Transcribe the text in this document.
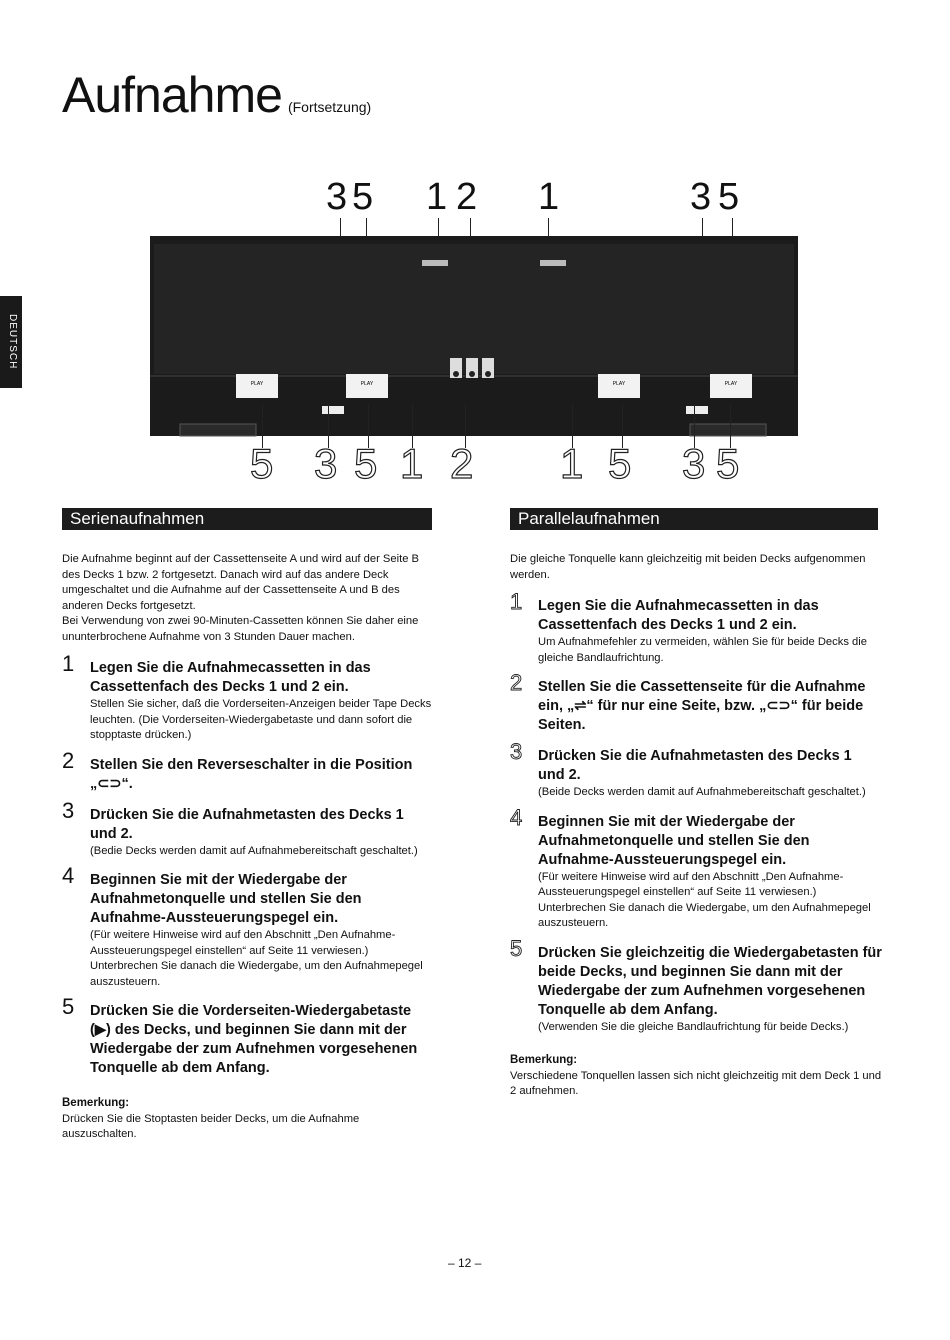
Aufnahme (Fortsetzung)
DEUTSCH
3 5 1 2 1	3 5
PLAY	PLAY	PLAY	PLAY
5 3 5 1 2 1 5 3 5
Serienaufnahmen	Parallelaufnahmen

Die Aufnahme beginnt auf der Cassettenseite A und wird auf der Seite B des Decks 1 bzw. 2 fortgesetzt. Danach wird auf das andere Deck umgeschaltet und die Aufnahme auf der Cassettenseite A und B des anderen Decks fortgesetzt.

Bei Verwendung von zwei 90-Minuten-Cassetten können Sie daher eine ununterbrochene Aufnahme von 3 Stunden Dauer machen.

1 Legen Sie die Aufnahmecassetten in das Cassettenfach des Decks 1 und 2 ein.
Stellen Sie sicher, daß die Vorderseiten-Anzeigen beider Tape Decks leuchten. (Die Vorderseiten-Wiedergabetaste und dann sofort die stopptaste drücken.)
2 Stellen Sie den Reverseschalter in die Position „⊂⊃“.
3 Drücken Sie die Aufnahmetasten des Decks 1 und 2.
(Bedie Decks werden damit auf Aufnahmebereitschaft geschaltet.)
4 Beginnen Sie mit der Wiedergabe der Aufnahmetonquelle und stellen Sie den Aufnahme-Aussteuerungspegel ein.
(Für weitere Hinweise wird auf den Abschnitt „Den Aufnahme-Aussteuerungspegel einstellen“ auf Seite 11 verwiesen.)
Unterbrechen Sie danach die Wiedergabe, um den Aufnahmepegel auszusteuern.
5 Drücken Sie die Vorderseiten-Wiedergabetaste (▶) des Decks, und beginnen Sie dann mit der Wiedergabe der zum Aufnehmen vorgesehenen Tonquelle ab dem Anfang.
Bemerkung:

Drücken Sie die Stoptasten beider Decks, um die Aufnahme auszuschalten.

Die gleiche Tonquelle kann gleichzeitig mit beiden Decks aufgenommen werden.

1 Legen Sie die Aufnahmecassetten in das Cassettenfach des Decks 1 und 2 ein.
Um Aufnahmefehler zu vermeiden, wählen Sie für beide Decks die gleiche Bandlaufrichtung.
2 Stellen Sie die Cassettenseite für die Aufnahme ein, „⇌“ für nur eine Seite, bzw. „⊂⊃“ für beide Seiten.
3 Drücken Sie die Aufnahmetasten des Decks 1 und 2.
(Beide Decks werden damit auf Aufnahmebereitschaft geschaltet.)
4 Beginnen Sie mit der Wiedergabe der Aufnahmetonquelle und stellen Sie den Aufnahme-Aussteuerungspegel ein.
(Für weitere Hinweise wird auf den Abschnitt „Den Aufnahme-Aussteuerungspegel einstellen“ auf Seite 11 verwiesen.)
Unterbrechen Sie danach die Wiedergabe, um den Aufnahmepegel auszusteuern.
5 Drücken Sie gleichzeitig die Wiedergabetasten für beide Decks, und beginnen Sie dann mit der Wiedergabe der zum Aufnehmen vorgesehenen Tonquelle ab dem Anfang.
(Verwenden Sie die gleiche Bandlaufrichtung für beide Decks.)
Bemerkung:

Verschiedene Tonquellen lassen sich nicht gleichzeitig mit dem Deck 1 und 2 aufnehmen.

– 12 –
